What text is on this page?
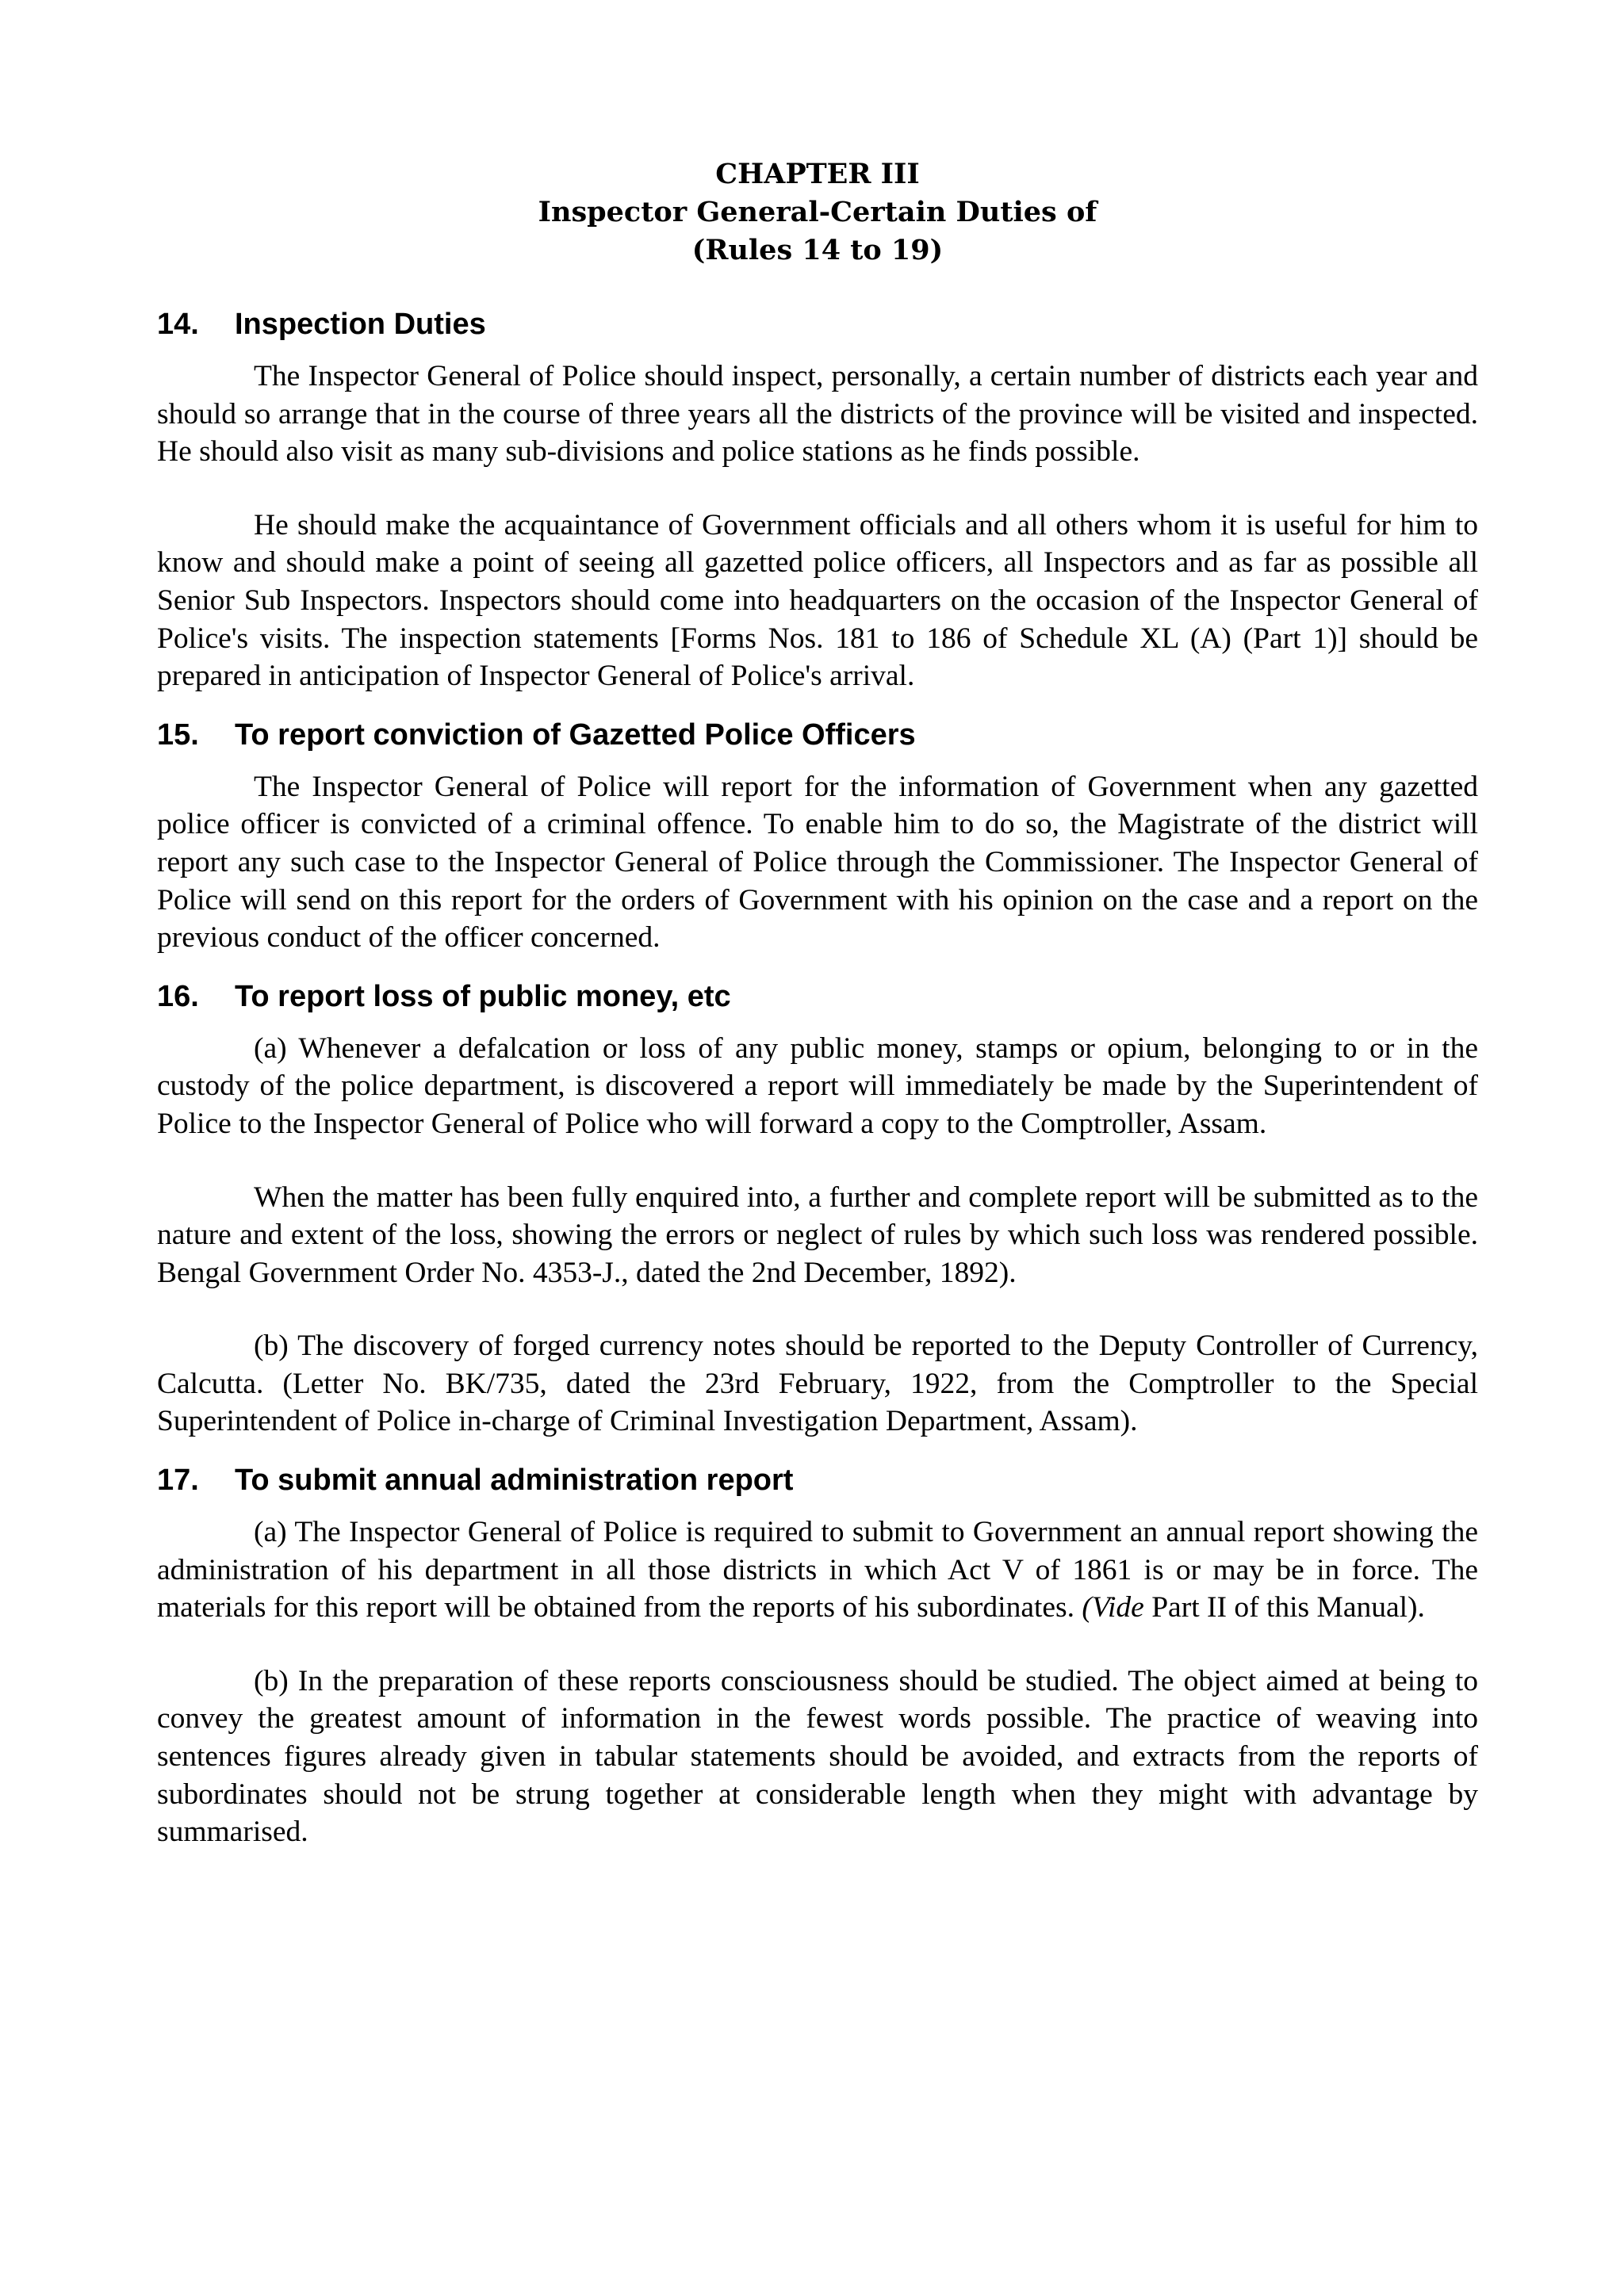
CHAPTER III
Inspector General-Certain Duties of
(Rules 14 to 19)
14.	Inspection Duties

The Inspector General of Police should inspect, personally, a certain number of districts each year and should so arrange that in the course of three years all the districts of the province will be visited and inspected. He should also visit as many sub-divisions and police stations as he finds possible.

He should make the acquaintance of Government officials and all others whom it is useful for him to know and should make a point of seeing all gazetted police officers, all Inspectors and as far as possible all Senior Sub Inspectors. Inspectors should come into headquarters on the occasion of the Inspector General of Police's visits. The inspection statements [Forms Nos. 181 to 186 of Schedule XL (A) (Part 1)] should be prepared in anticipation of Inspector General of Police's arrival.

15.	To report conviction of Gazetted Police Officers

The Inspector General of Police will report for the information of Government when any gazetted police officer is convicted of a criminal offence. To enable him to do so, the Magistrate of the district will report any such case to the Inspector General of Police through the Commissioner. The Inspector General of Police will send on this report for the orders of Government with his opinion on the case and a report on the previous conduct of the officer concerned.

16.	To report loss of public money, etc

(a) Whenever a defalcation or loss of any public money, stamps or opium, belonging to or in the custody of the police department, is discovered a report will immediately be made by the Superintendent of Police to the Inspector General of Police who will forward a copy to the Comptroller, Assam.

When the matter has been fully enquired into, a further and complete report will be submitted as to the nature and extent of the loss, showing the errors or neglect of rules by which such loss was rendered possible. Bengal Government Order No. 4353-J., dated the 2nd December, 1892).

(b) The discovery of forged currency notes should be reported to the Deputy Controller of Currency, Calcutta. (Letter No. BK/735, dated the 23rd February, 1922, from the Comptroller to the Special Superintendent of Police in-charge of Criminal Investigation Department, Assam).

17.	To submit annual administration report

(a) The Inspector General of Police is required to submit to Government an annual report showing the administration of his department in all those districts in which Act V of 1861 is or may be in force. The materials for this report will be obtained from the reports of his subordinates. (Vide Part II of this Manual).

(b) In the preparation of these reports consciousness should be studied. The object aimed at being to convey the greatest amount of information in the fewest words possible. The practice of weaving into sentences figures already given in tabular statements should be avoided, and extracts from the reports of subordinates should not be strung together at considerable length when they might with advantage by summarised.
